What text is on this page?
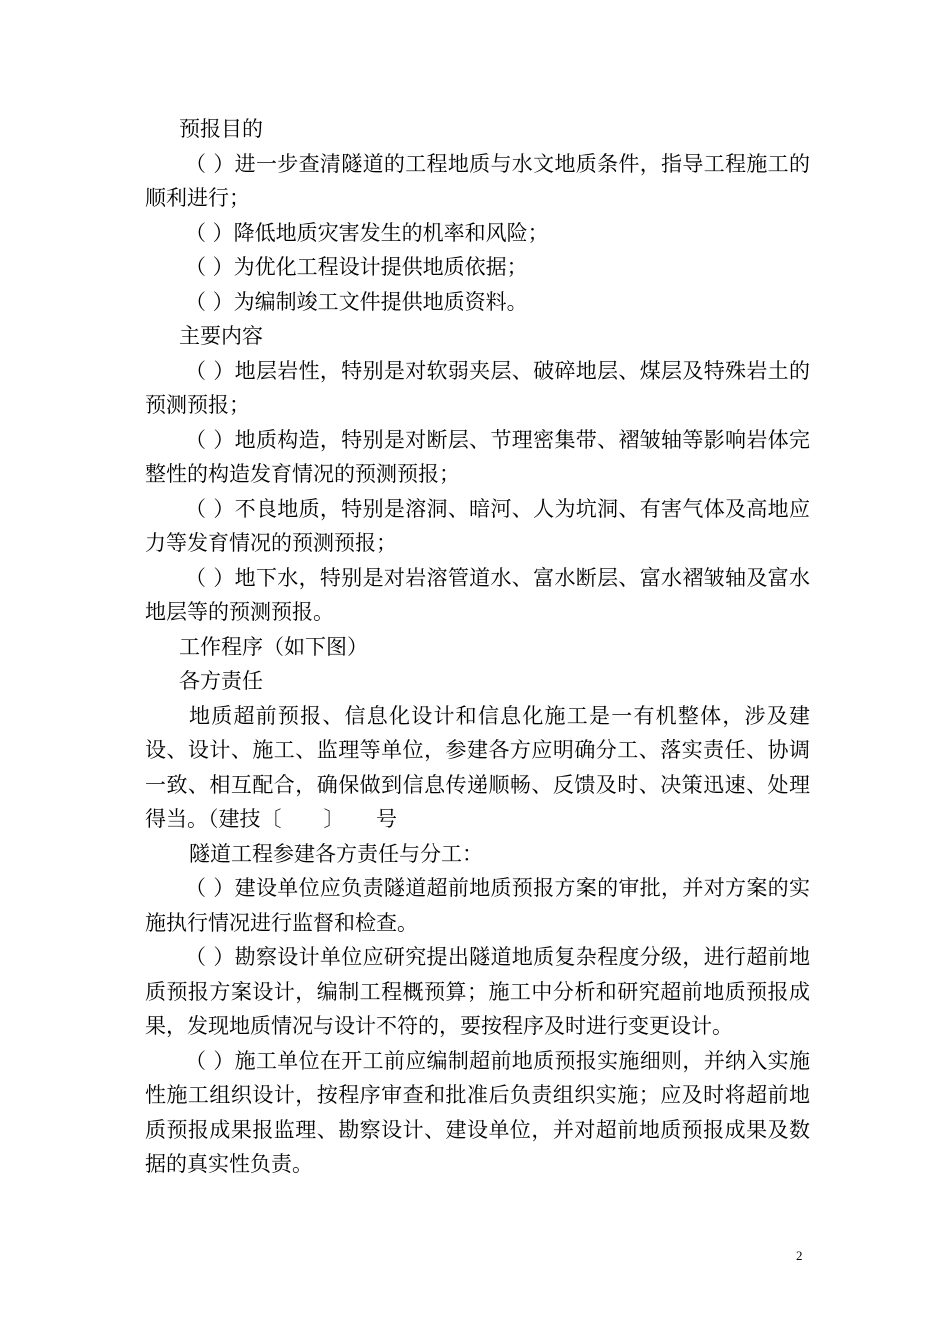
预报目的

（ ）进一步查清隧道的工程地质与水文地质条件，指导工程施工的顺利进行；

（ ）降低地质灾害发生的机率和风险；

（ ）为优化工程设计提供地质依据；

（ ）为编制竣工文件提供地质资料。

主要内容

（ ）地层岩性，特别是对软弱夹层、破碎地层、煤层及特殊岩土的预测预报；

（ ）地质构造，特别是对断层、节理密集带、褶皱轴等影响岩体完整性的构造发育情况的预测预报；

（ ）不良地质，特别是溶洞、暗河、人为坑洞、有害气体及高地应力等发育情况的预测预报；

（ ）地下水，特别是对岩溶管道水、富水断层、富水褶皱轴及富水地层等的预测预报。

工作程序（如下图）

各方责任

地质超前预报、信息化设计和信息化施工是一有机整体，涉及建设、设计、施工、监理等单位，参建各方应明确分工、落实责任、协调一致、相互配合，确保做到信息传递顺畅、反馈及时、决策迅速、处理得当。（建技〔　　〕　　号

隧道工程参建各方责任与分工：

（ ）建设单位应负责隧道超前地质预报方案的审批，并对方案的实施执行情况进行监督和检查。

（ ）勘察设计单位应研究提出隧道地质复杂程度分级，进行超前地质预报方案设计，编制工程概预算；施工中分析和研究超前地质预报成果，发现地质情况与设计不符的，要按程序及时进行变更设计。

（ ）施工单位在开工前应编制超前地质预报实施细则，并纳入实施性施工组织设计，按程序审查和批准后负责组织实施；应及时将超前地质预报成果报监理、勘察设计、建设单位，并对超前地质预报成果及数据的真实性负责。

2
